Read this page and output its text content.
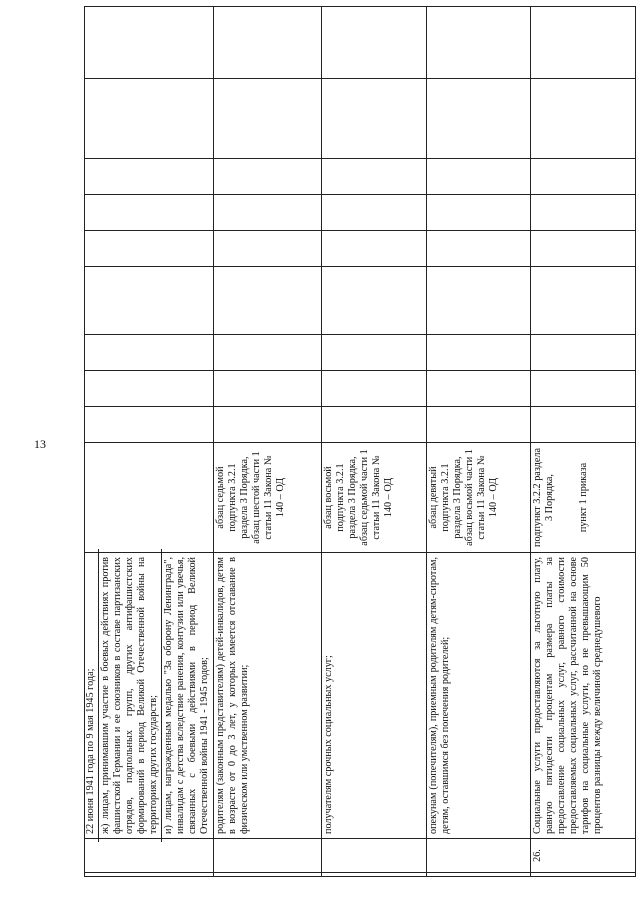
13

		22 июня 1941 года по 9 мая 1945 года; ж) лицам, принимавшим участие в боевых действиях против фашистской Германии и ее союзников в составе партизанских отрядов, подпольных групп, других антифашистских формирований в период Великой Отечественной войны на территориях других государств; и) лицам, награжденным медалью "За оборону Ленинграда", инвалидам с детства вследствие ранения, контузии или увечья, связанных с боевыми действиями в период Великой Отечественной войны 1941 - 1945 годов;										

		родителям (законным представителям) детей-инвалидов, детям в возрасте от 0 до 3 лет, у которых имеется отставание в физическом или умственном развитии;	абзац седьмой подпункта 3.2.1 раздела 3 Порядка, абзац шестой части 1 статьи 11 Закона № 140 – ОД									
		получателям срочных социальных услуг;	абзац восьмой подпункта 3.2.1 раздела 3 Порядка, абзац седьмой части 1 статьи 11 Закона № 140 – ОД									
		опекунам (попечителям), приемным родителям детям-сиротам, детям, оставшимся без попечения родителей;	абзац девятый подпункта 3.2.1 раздела 3 Порядка, абзац восьмой части 1 статьи 11 Закона № 140 – ОД									
	26.	Социальные услуги предоставляются за льготную плату, равную пятидесяти процентам размера платы за предоставление социальных услуг, равного стоимости предоставляемых социальных услуг, рассчитанной на основе тарифов на социальные услуги, но не превышающим 50 процентов разницы между величиной среднедушевого	подпункт 3.2.2 раздела 3 Порядка, пункт 1 приказа									
